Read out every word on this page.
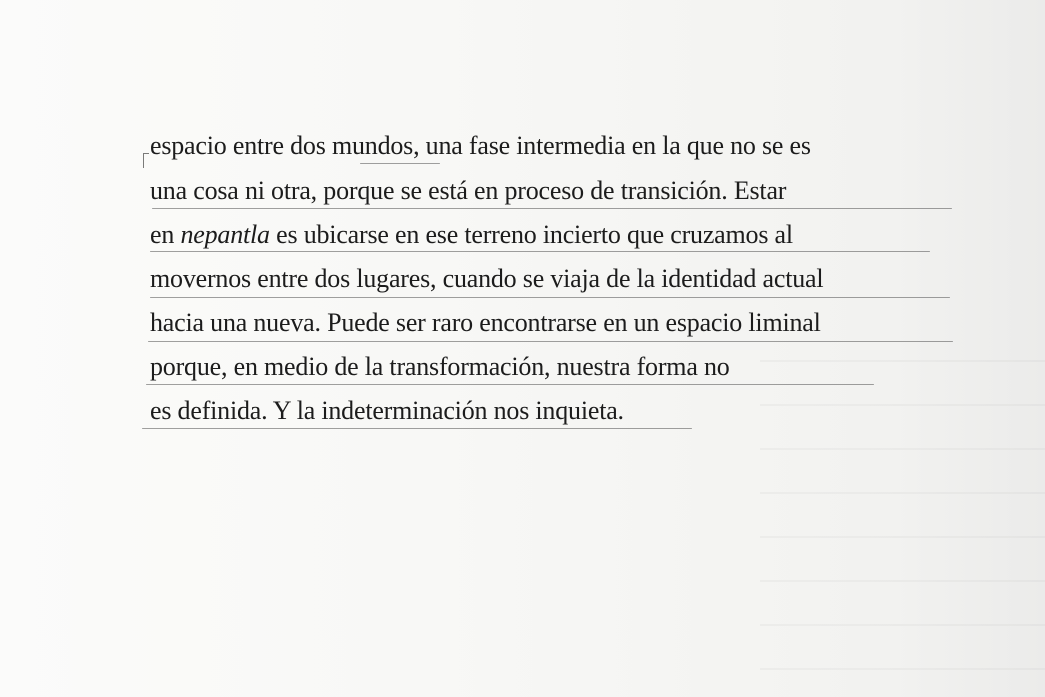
espacio entre dos mundos, una fase intermedia en la que no se es
una cosa ni otra, porque se está en proceso de transición. Estar
en nepantla es ubicarse en ese terreno incierto que cruzamos al
movernos entre dos lugares, cuando se viaja de la identidad actual
hacia una nueva. Puede ser raro encontrarse en un espacio liminal
porque, en medio de la transformación, nuestra forma no
es definida. Y la indeterminación nos inquieta.
